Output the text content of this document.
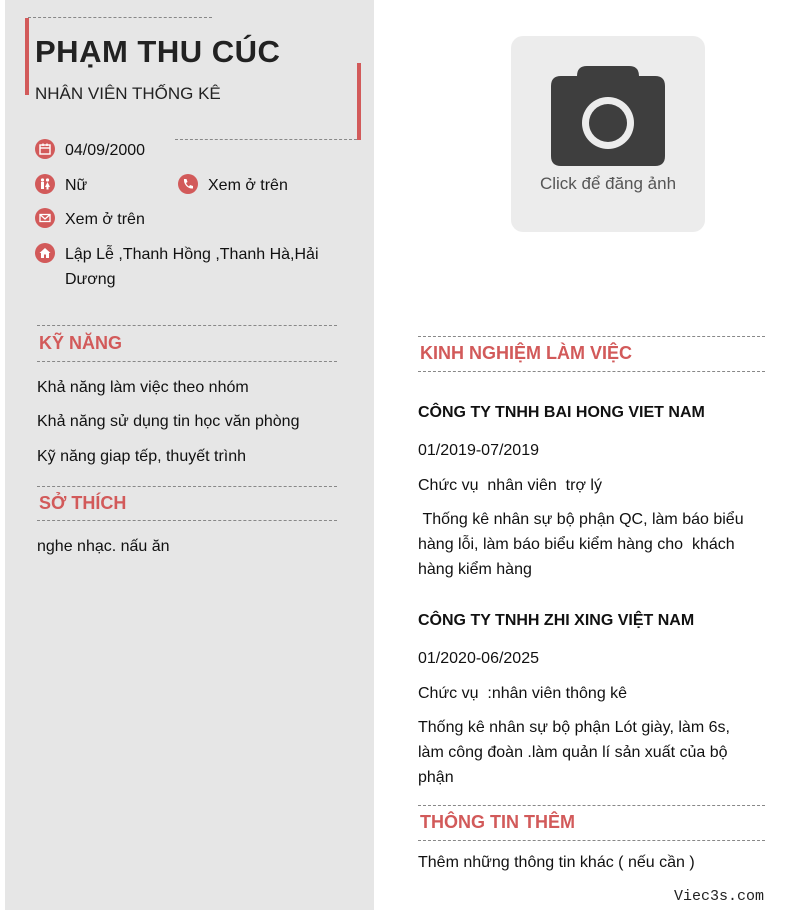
PHẠM THU CÚC
NHÂN VIÊN THỐNG KÊ
04/09/2000
Nữ	Xem ở trên
Xem ở trên
Lập Lễ ,Thanh Hồng ,Thanh Hà,Hải Dương
KỸ NĂNG
Khả năng làm việc theo nhóm
Khả năng sử dụng tin học văn phòng
Kỹ năng giap tếp, thuyết trình
SỞ THÍCH
nghe nhạc. nấu ăn
Click để đăng ảnh
KINH NGHIỆM LÀM VIỆC
CÔNG TY TNHH BAI HONG VIET NAM
01/2019-07/2019
Chức vụ  nhân viên  trợ lý
Thống kê nhân sự bộ phận QC, làm báo biểu hàng lỗi, làm báo biểu kiểm hàng cho  khách hàng kiểm hàng
CÔNG TY TNHH ZHI XING VIỆT NAM
01/2020-06/2025
Chức vụ  :nhân viên thông kê
Thống kê nhân sự bộ phận Lót giày, làm 6s, làm công đoàn .làm quản lí sản xuất của bộ phận
THÔNG TIN THÊM
Thêm những thông tin khác ( nếu cần )
Viec3s.com
